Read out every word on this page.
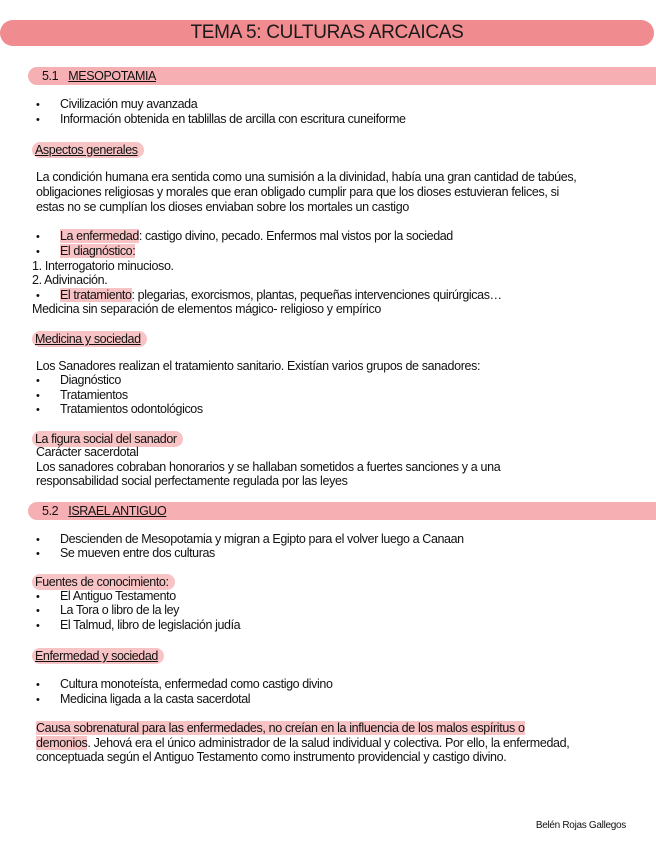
TEMA 5: CULTURAS ARCAICAS
5.1 MESOPOTAMIA
• Civilización muy avanzada
• Información obtenida en tablillas de arcilla con escritura cuneiforme
Aspectos generales
La condición humana era sentida como una sumisión a la divinidad, había una gran cantidad de tabúes,
obligaciones religiosas y morales que eran obligado cumplir para que los dioses estuvieran felices, si
estas no se cumplían los dioses enviaban sobre los mortales un castigo
• La enfermedad: castigo divino, pecado. Enfermos mal vistos por la sociedad
• El diagnóstico:
1. Interrogatorio minucioso.
2. Adivinación.
• El tratamiento: plegarias, exorcismos, plantas, pequeñas intervenciones quirúrgicas…
Medicina sin separación de elementos mágico- religioso y empírico
Medicina y sociedad
Los Sanadores realizan el tratamiento sanitario. Existían varios grupos de sanadores:
• Diagnóstico
• Tratamientos
• Tratamientos odontológicos
La figura social del sanador
Carácter sacerdotal
Los sanadores cobraban honorarios y se hallaban sometidos a fuertes sanciones y a una
responsabilidad social perfectamente regulada por las leyes
5.2 ISRAEL ANTIGUO
• Descienden de Mesopotamia y migran a Egipto para el volver luego a Canaan
• Se mueven entre dos culturas
Fuentes de conocimiento:
• El Antiguo Testamento
• La Tora o libro de la ley
• El Talmud, libro de legislación judía
Enfermedad y sociedad
• Cultura monoteísta, enfermedad como castigo divino
• Medicina ligada a la casta sacerdotal
Causa sobrenatural para las enfermedades, no creían en la influencia de los malos espíritus o
demonios. Jehová era el único administrador de la salud individual y colectiva. Por ello, la enfermedad,
conceptuada según el Antiguo Testamento como instrumento providencial y castigo divino.
Belén Rojas Gallegos
